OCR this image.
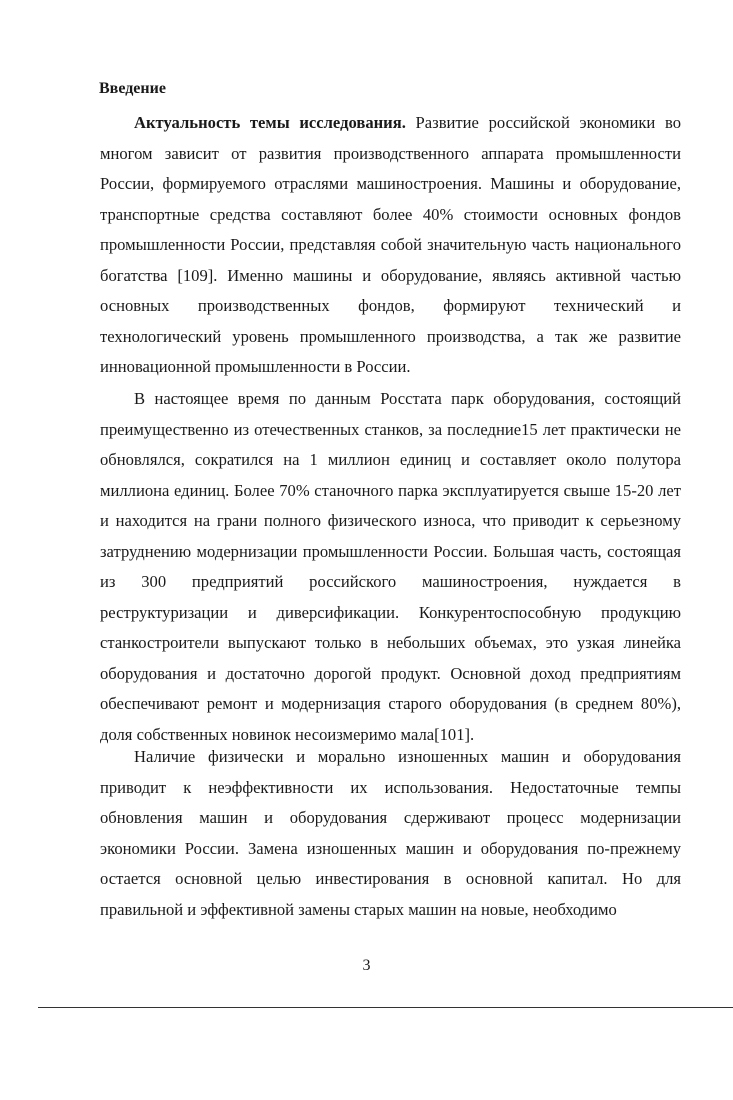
Введение

Актуальность темы исследования. Развитие российской экономики во многом зависит от развития производственного аппарата промышленности России, формируемого отраслями машиностроения. Машины и оборудование, транспортные средства составляют более 40% стоимости основных фондов промышленности России, представляя собой значительную часть национального богатства [109]. Именно машины и оборудование, являясь активной частью основных производственных фондов, формируют технический и технологический уровень промышленного производства, а так же развитие инновационной промышленности в России.

В настоящее время по данным Росстата парк оборудования, состоящий преимущественно из отечественных станков, за последние15 лет практически не обновлялся, сократился на 1 миллион единиц и составляет около полутора миллиона единиц. Более 70% станочного парка эксплуатируется свыше 15-20 лет и находится на грани полного физического износа, что приводит к серьезному затруднению модернизации промышленности России. Большая часть, состоящая из 300 предприятий российского машиностроения, нуждается в реструктуризации и диверсификации. Конкурентоспособную продукцию станкостроители выпускают только в небольших объемах, это узкая линейка оборудования и достаточно дорогой продукт. Основной доход предприятиям обеспечивают ремонт и модернизация старого оборудования (в среднем 80%), доля собственных новинок несоизмеримо мала[101].

Наличие физически и морально изношенных машин и оборудования приводит к неэффективности их использования. Недостаточные темпы обновления машин и оборудования сдерживают процесс модернизации экономики России. Замена изношенных машин и оборудования по-прежнему остается основной целью инвестирования в основной капитал. Но для правильной и эффективной замены старых машин на новые, необходимо

3
